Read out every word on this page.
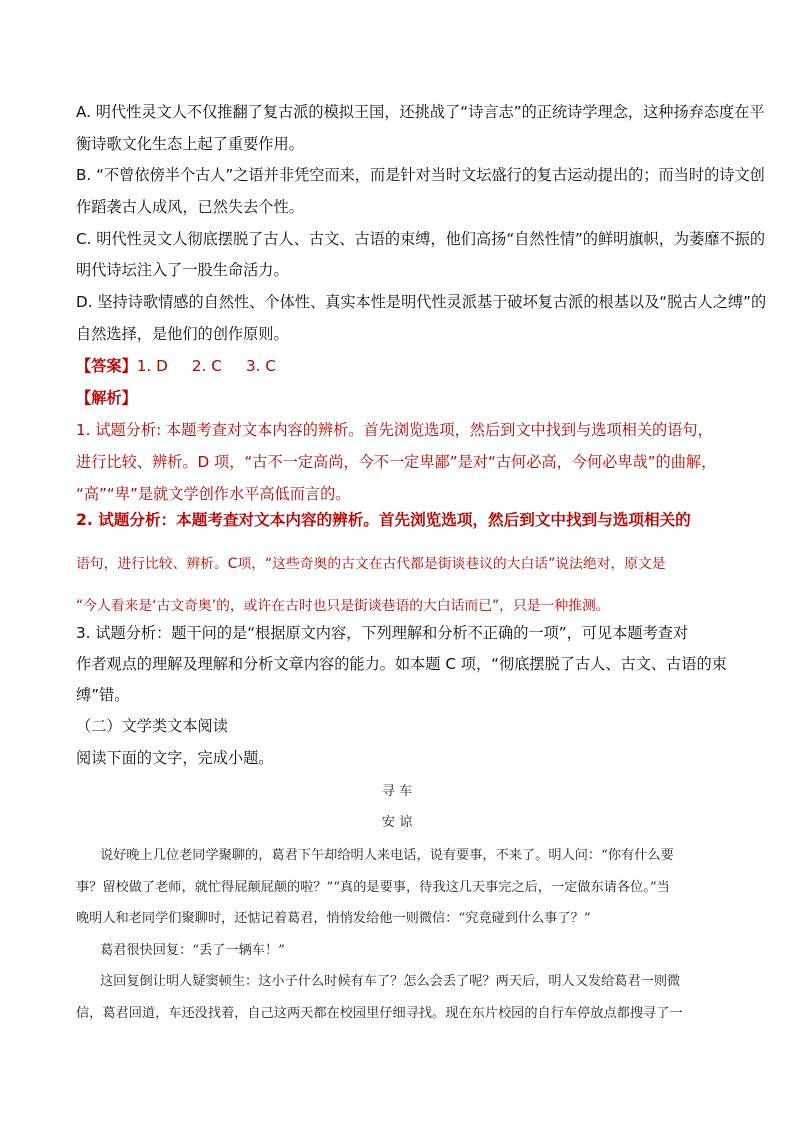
A. 明代性灵文人不仅推翻了复古派的模拟王国，还挑战了“诗言志”的正统诗学理念，这种扬弃态度在平
衡诗歌文化生态上起了重要作用。
B. “不曾依傍半个古人”之语并非凭空而来，而是针对当时文坛盛行的复古运动提出的；而当时的诗文创
作蹈袭古人成风，已然失去个性。
C. 明代性灵文人彻底摆脱了古人、古文、古语的束缚，他们高扬“自然性情”的鲜明旗帜，为萎靡不振的
明代诗坛注入了一股生命活力。
D. 坚持诗歌情感的自然性、个体性、真实本性是明代性灵派基于破坏复古派的根基以及“脱古人之缚”的
自然选择，是他们的创作原则。
【答案】1. D     2. C     3. C
【解析】
1. 试题分析: 本题考查对文本内容的辨析。首先浏览选项，然后到文中找到与选项相关的语句，
进行比较、辨析。D 项，“古不一定高尚，今不一定卑鄙”是对“古何必高，今何必卑哉”的曲解，
“高”“卑”是就文学创作水平高低而言的。
2. 试题分析：本题考查对文本内容的辨析。首先浏览选项，然后到文中找到与选项相关的
语句，进行比较、辨析。C项，“这些奇奥的古文在古代都是街谈巷议的大白话”说法绝对，原文是
“今人看来是‘古文奇奥’的，或许在古时也只是街谈巷语的大白话而已”，只是一种推测。
3. 试题分析：题干问的是“根据原文内容，下列理解和分析不正确的一项”，可见本题考查对
作者观点的理解及理解和分析文章内容的能力。如本题 C 项，“彻底摆脱了古人、古文、古语的束
缚”错。
（二）文学类文本阅读
阅读下面的文字，完成小题。
寻 车
安 谅
说好晚上几位老同学聚聊的，葛君下午却给明人来电话，说有要事，不来了。明人问：“你有什么要
事？留校做了老师，就忙得屁颠屁颠的啦？”“真的是要事，待我这几天事完之后，一定做东请各位。”当
晚明人和老同学们聚聊时，还惦记着葛君，悄悄发给他一则微信：“究竟碰到什么事了？”
葛君很快回复：“丢了一辆车！”
这回复倒让明人疑窦顿生：这小子什么时候有车了？怎么会丢了呢？两天后，明人又发给葛君一则微
信，葛君回道，车还没找着，自己这两天都在校园里仔细寻找。现在东片校园的自行车停放点都搜寻了一
